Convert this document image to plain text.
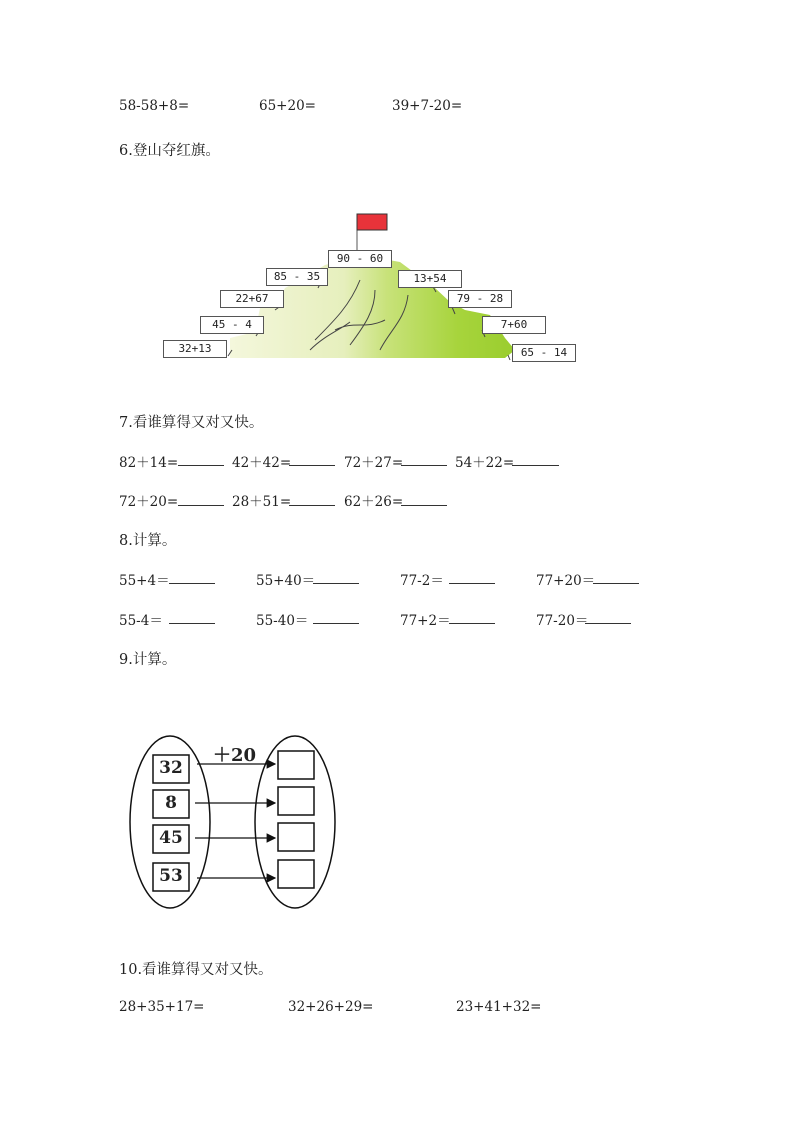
58-58+8=	65+20=	39+7-20=
6.登山夺红旗。
90 - 60
85 - 35	13+54
22+67	79 - 28
45 - 4	7+60
32+13	65 - 14
7.看谁算得又对又快。
82＋14=	42＋42=	72＋27=	54＋22=
72＋20=	28＋51=	62＋26=
8.计算。
55+4＝	55+40＝	77-2＝	77+20＝
55-4＝	55-40＝	77+2＝	77-20＝
9.计算。
＋20
32
8
45
53
10.看谁算得又对又快。
28+35+17=	32+26+29=	23+41+32=
